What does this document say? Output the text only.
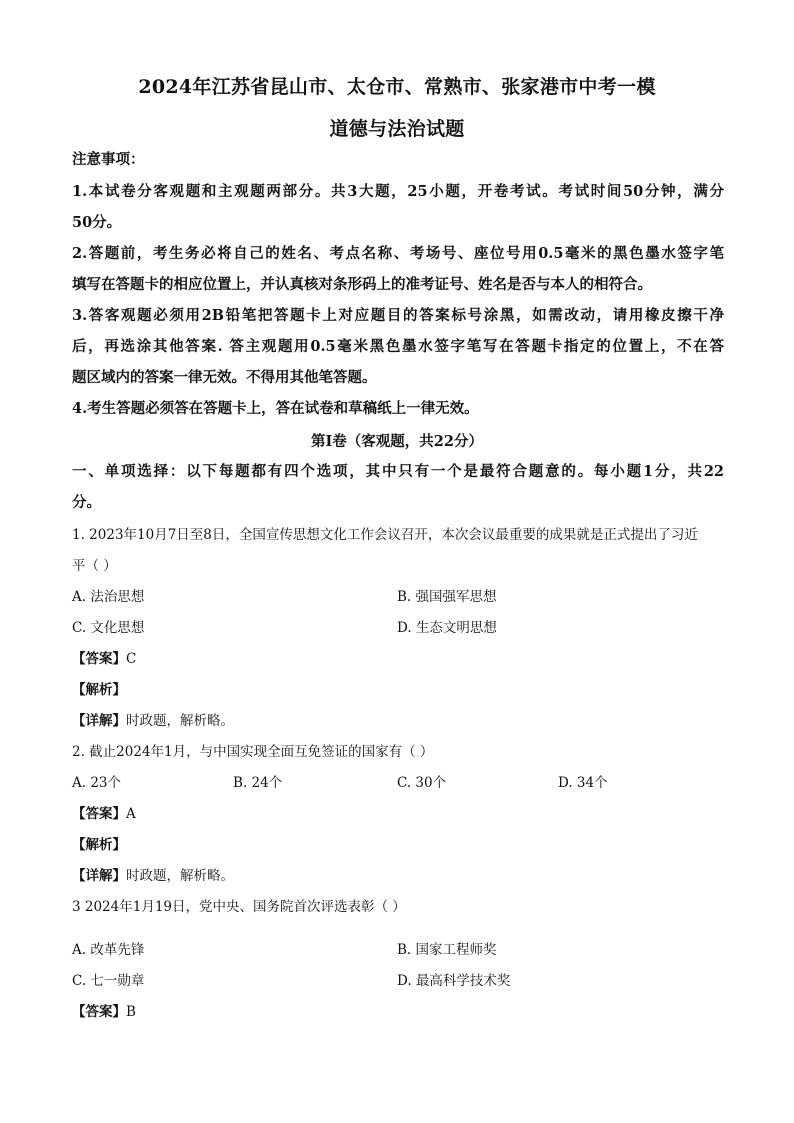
2024年江苏省昆山市、太仓市、常熟市、张家港市中考一模
道德与法治试题
注意事项：
1.本试卷分客观题和主观题两部分。共3大题，25小题，开卷考试。考试时间50分钟，满分
50分。
2.答题前，考生务必将自己的姓名、考点名称、考场号、座位号用0.5毫米的黑色墨水签字笔
填写在答题卡的相应位置上，并认真核对条形码上的准考证号、姓名是否与本人的相符合。
3.答客观题必须用2B铅笔把答题卡上对应题目的答案标号涂黑，如需改动，请用橡皮擦干净
后，再选涂其他答案. 答主观题用0.5毫米黑色墨水签字笔写在答题卡指定的位置上，不在答
题区域内的答案一律无效。不得用其他笔答题。
4.考生答题必须答在答题卡上，答在试卷和草稿纸上一律无效。
第Ⅰ卷（客观题，共22分）
一、单项选择：以下每题都有四个选项，其中只有一个是最符合题意的。每小题1分，共22
分。
1. 2023年10月7日至8日，全国宣传思想文化工作会议召开，本次会议最重要的成果就是正式提出了习近
平（ ）
A. 法治思想	B. 强国强军思想
C. 文化思想	D. 生态文明思想
【答案】C
【解析】
【详解】时政题，解析略。
2. 截止2024年1月，与中国实现全面互免签证的国家有（ ）
A. 23个	B. 24个	C. 30个	D. 34个
【答案】A
【解析】
【详解】时政题，解析略。
3 2024年1月19日，党中央、国务院首次评选表彰（ ）
A. 改革先锋	B. 国家工程师奖
C. 七一勋章	D. 最高科学技术奖
【答案】B
